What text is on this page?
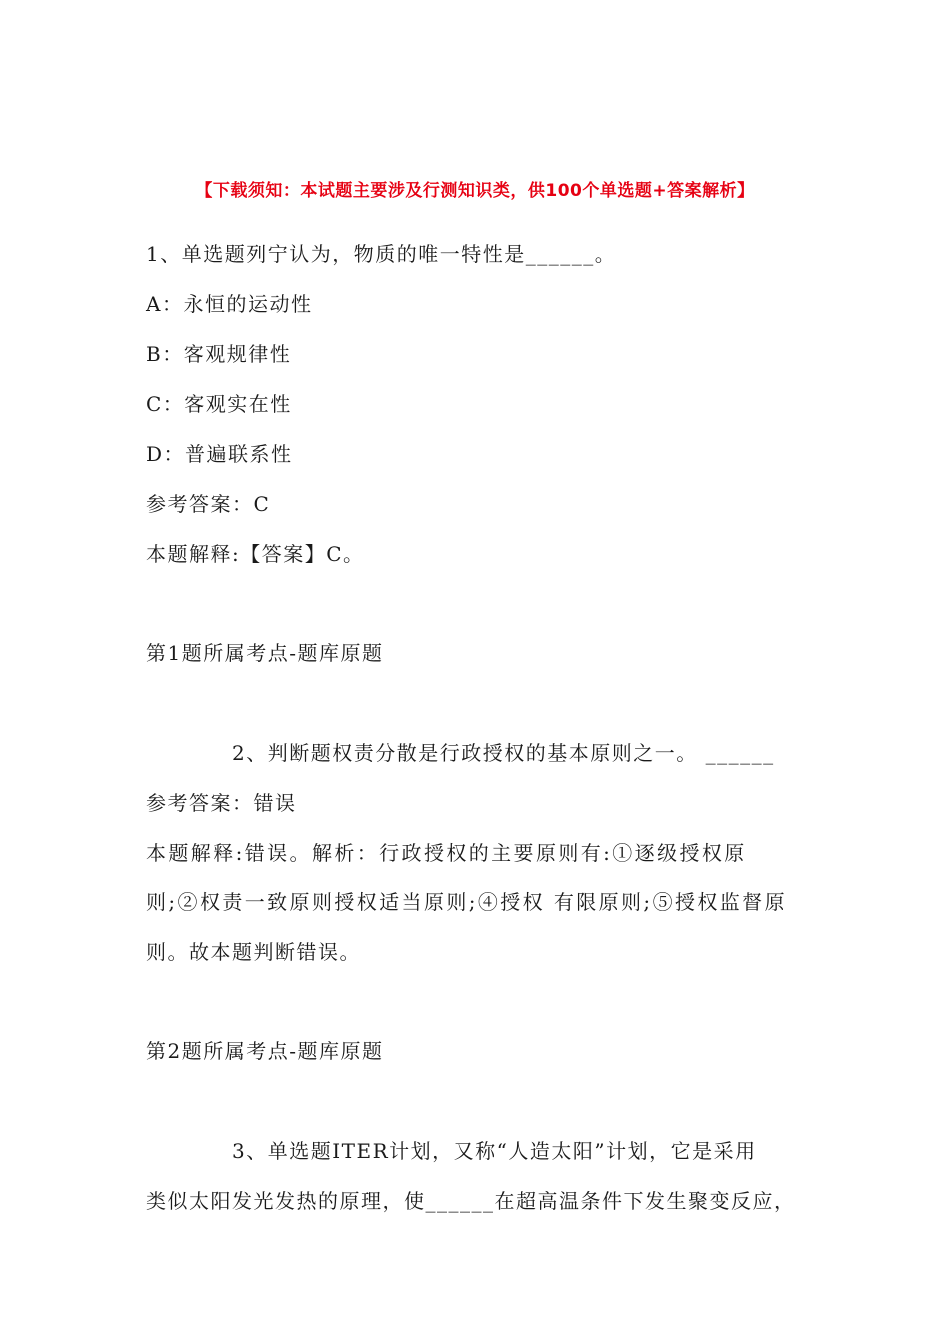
【下载须知：本试题主要涉及行测知识类，供100个单选题+答案解析】
1、单选题列宁认为，物质的唯一特性是______。
A：永恒的运动性
B：客观规律性
C：客观实在性
D：普遍联系性
参考答案：C
本题解释:【答案】C。
第1题所属考点-题库原题
2、判断题权责分散是行政授权的基本原则之一。 ______
参考答案：错误
本题解释:错误。解析：行政授权的主要原则有:①逐级授权原
则;②权责一致原则授权适当原则;④授权 有限原则;⑤授权监督原
则。故本题判断错误。
第2题所属考点-题库原题
3、单选题ITER计划，又称“人造太阳”计划，它是采用
类似太阳发光发热的原理，使______在超高温条件下发生聚变反应，
